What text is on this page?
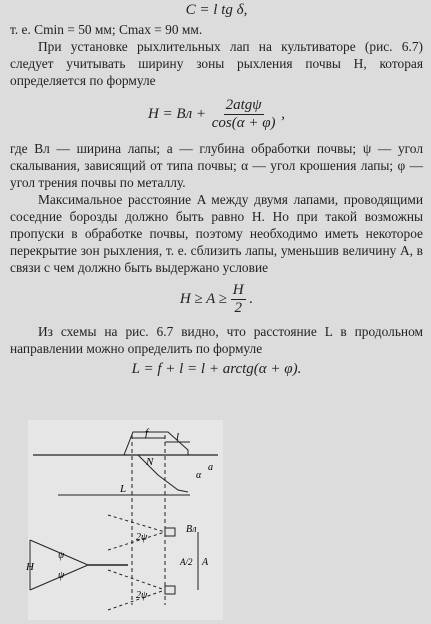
C = l tg δ,

т. е. Cmin = 50 мм; Cmax = 90 мм.

При установке рыхлительных лап на культиваторе (рис. 6.7) следует учитывать ширину зоны рыхления почвы H, которая определяется по формуле

H = Bл + $\frac{\text{2atgψ}}{\cos(\alpha + \varphi)}$ ,

где Bл — ширина лапы; a — глубина обработки почвы; ψ — угол скалывания, зависящий от типа почвы; α — угол крошения лапы; φ — угол трения почвы по металлу.

Максимальное расстояние A между двумя лапами, проводящими соседние борозды должно быть равно H. Но при такой возможны пропуски в обработке почвы, поэтому необходимо иметь некоторое перекрытие зон рыхления, т. е. сблизить лапы, уменьшив величину A, в связи с чем должно быть выдержано условие

$H \ge A \ge \frac{H}{2}$ .

Из схемы на рис. 6.7 видно, что расстояние L в продольном направлении можно определить по формуле

L = f + l = l + arctg(α + φ).

f	l
N
α
a
L
H
ψ
ψ
2ψ
Bл
2ψ
A
A/2
